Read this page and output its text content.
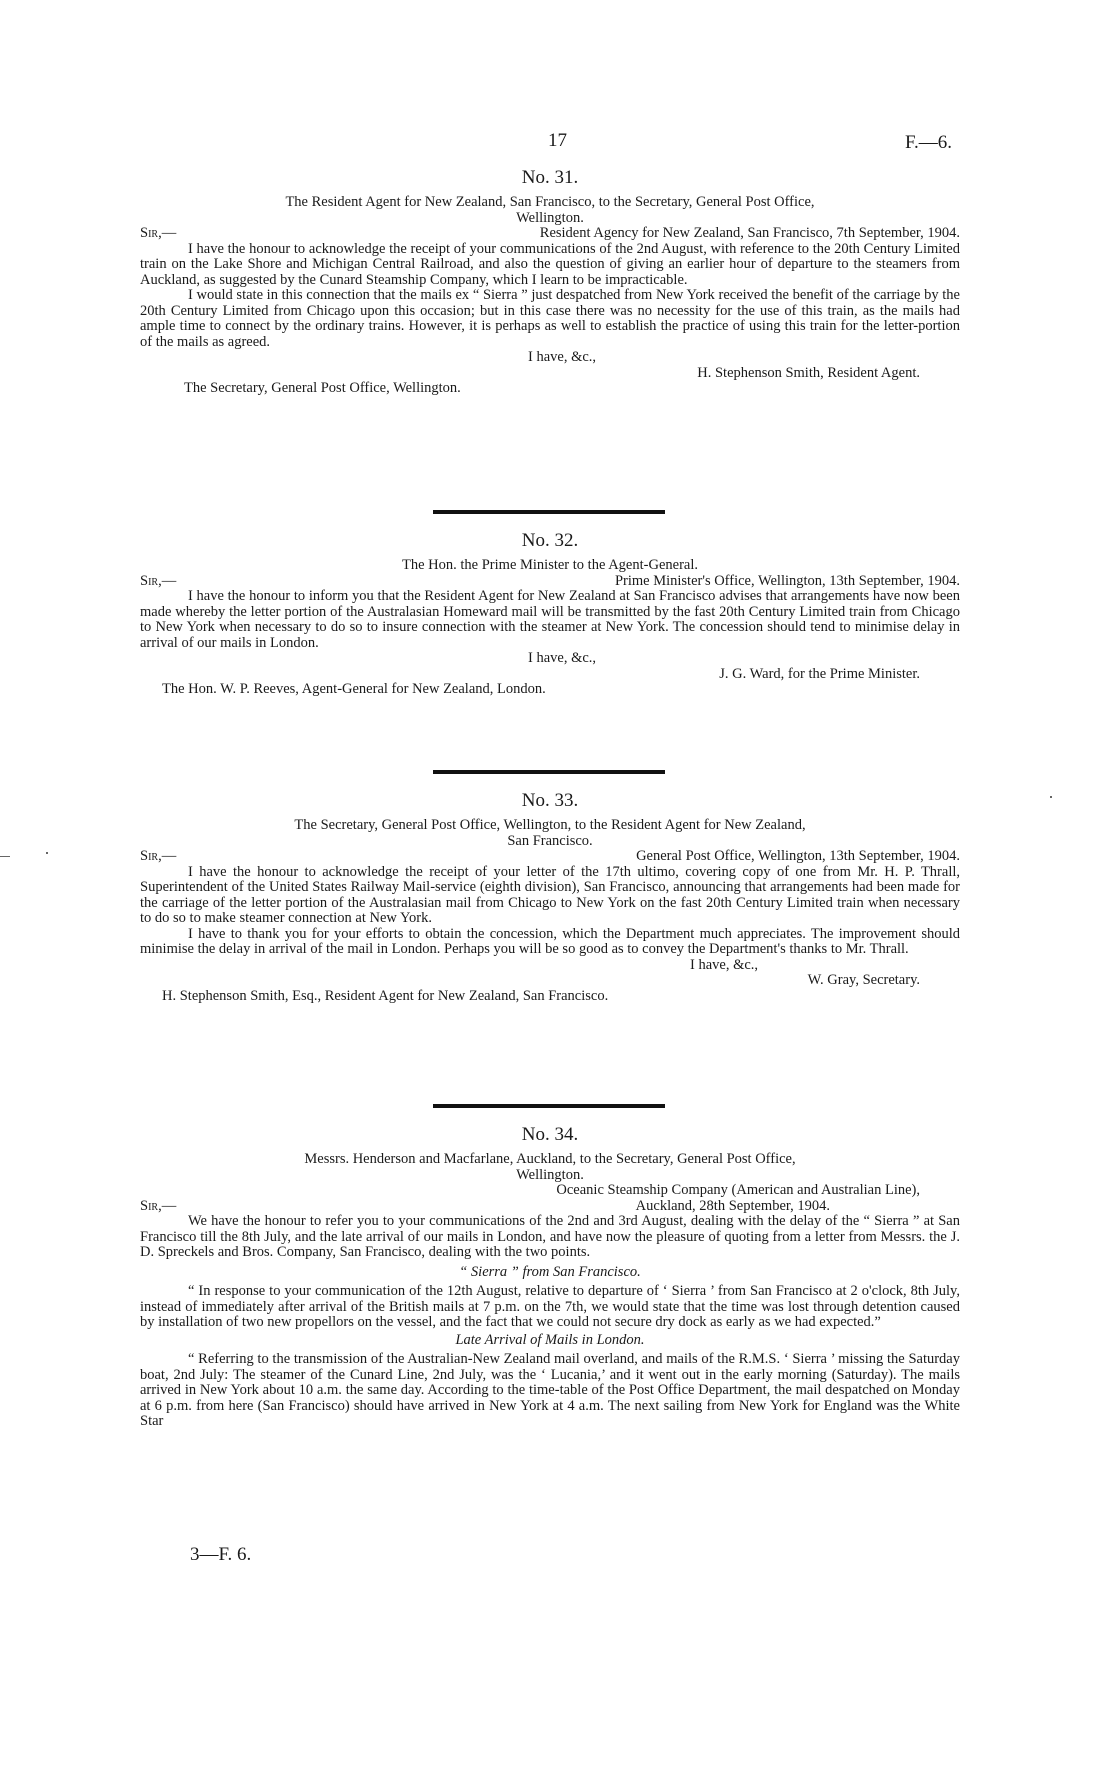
17	F.—6.
No. 31.
The Resident Agent for New Zealand, San Francisco, to the Secretary, General Post Office,
Wellington.
Sir,—	Resident Agency for New Zealand, San Francisco, 7th September, 1904.
I have the honour to acknowledge the receipt of your communications of the 2nd August, with reference to the 20th Century Limited train on the Lake Shore and Michigan Central Railroad, and also the question of giving an earlier hour of departure to the steamers from Auckland, as suggested by the Cunard Steamship Company, which I learn to be impracticable.
I would state in this connection that the mails ex “ Sierra ” just despatched from New York received the benefit of the carriage by the 20th Century Limited from Chicago upon this occasion; but in this case there was no necessity for the use of this train, as the mails had ample time to connect by the ordinary trains. However, it is perhaps as well to establish the practice of using this train for the letter-portion of the mails as agreed.
I have, &c.,
H. Stephenson Smith, Resident Agent.
The Secretary, General Post Office, Wellington.
No. 32.
The Hon. the Prime Minister to the Agent-General.
Sir,—	Prime Minister's Office, Wellington, 13th September, 1904.
I have the honour to inform you that the Resident Agent for New Zealand at San Francisco advises that arrangements have now been made whereby the letter portion of the Australasian Homeward mail will be transmitted by the fast 20th Century Limited train from Chicago to New York when necessary to do so to insure connection with the steamer at New York. The concession should tend to minimise delay in arrival of our mails in London.
I have, &c.,
J. G. Ward, for the Prime Minister.
The Hon. W. P. Reeves, Agent-General for New Zealand, London.
No. 33.
The Secretary, General Post Office, Wellington, to the Resident Agent for New Zealand,
San Francisco.
Sir,—	General Post Office, Wellington, 13th September, 1904.
I have the honour to acknowledge the receipt of your letter of the 17th ultimo, covering copy of one from Mr. H. P. Thrall, Superintendent of the United States Railway Mail-service (eighth division), San Francisco, announcing that arrangements had been made for the carriage of the letter portion of the Australasian mail from Chicago to New York on the fast 20th Century Limited train when necessary to do so to make steamer connection at New York.
I have to thank you for your efforts to obtain the concession, which the Department much appreciates. The improvement should minimise the delay in arrival of the mail in London. Perhaps you will be so good as to convey the Department's thanks to Mr. Thrall.
I have, &c.,
W. Gray, Secretary.
H. Stephenson Smith, Esq., Resident Agent for New Zealand, San Francisco.
No. 34.
Messrs. Henderson and Macfarlane, Auckland, to the Secretary, General Post Office,
Wellington.
Oceanic Steamship Company (American and Australian Line),
Sir,—	Auckland, 28th September, 1904.
We have the honour to refer you to your communications of the 2nd and 3rd August, dealing with the delay of the “ Sierra ” at San Francisco till the 8th July, and the late arrival of our mails in London, and have now the pleasure of quoting from a letter from Messrs. the J. D. Spreckels and Bros. Company, San Francisco, dealing with the two points.
“ Sierra ” from San Francisco.
“ In response to your communication of the 12th August, relative to departure of ‘ Sierra ’ from San Francisco at 2 o'clock, 8th July, instead of immediately after arrival of the British mails at 7 p.m. on the 7th, we would state that the time was lost through detention caused by installation of two new propellors on the vessel, and the fact that we could not secure dry dock as early as we had expected.”
Late Arrival of Mails in London.
“ Referring to the transmission of the Australian-New Zealand mail overland, and mails of the R.M.S. ‘ Sierra ’ missing the Saturday boat, 2nd July: The steamer of the Cunard Line, 2nd July, was the ‘ Lucania,’ and it went out in the early morning (Saturday). The mails arrived in New York about 10 a.m. the same day. According to the time-table of the Post Office Department, the mail despatched on Monday at 6 p.m. from here (San Francisco) should have arrived in New York at 4 a.m. The next sailing from New York for England was the White Star
3—F. 6.
